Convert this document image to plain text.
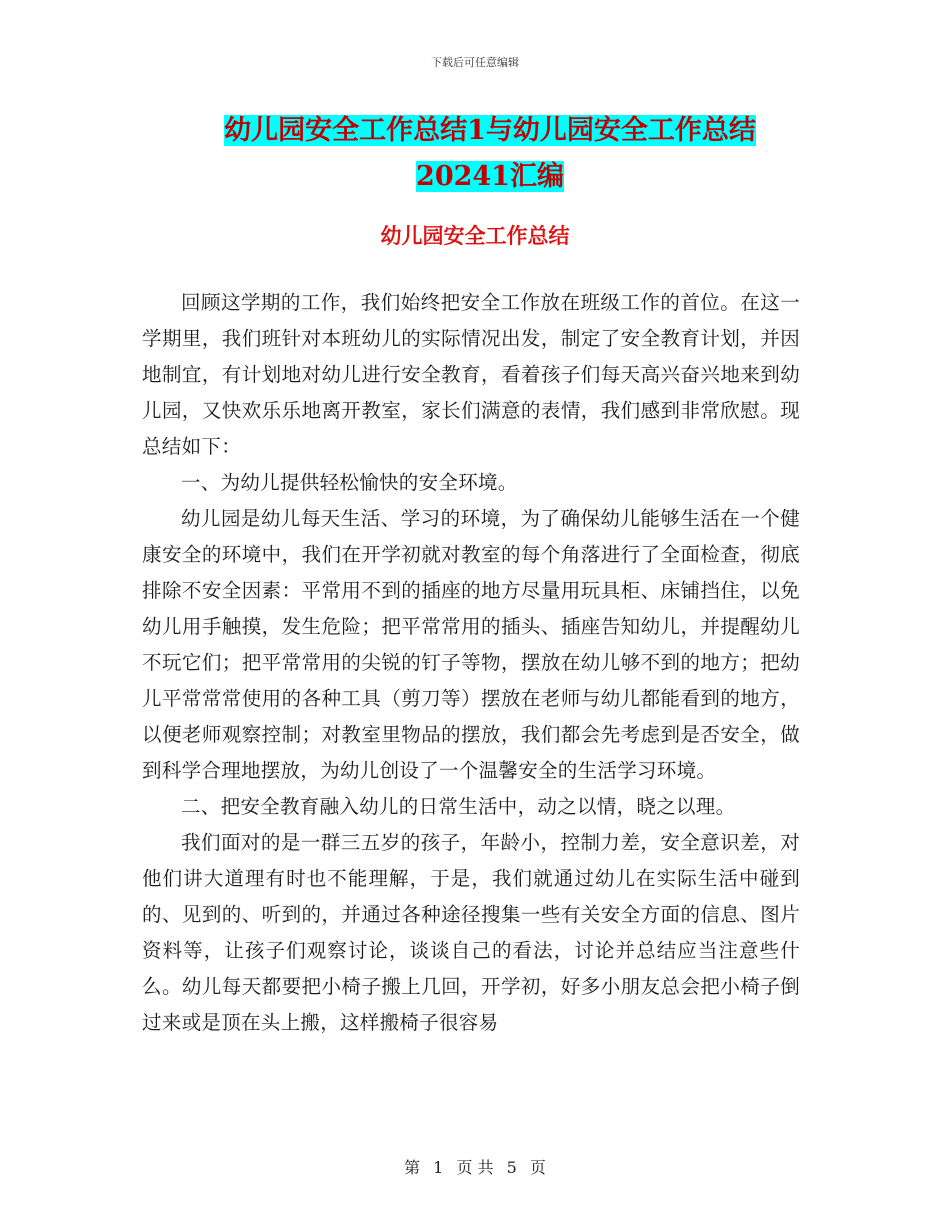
下载后可任意编辑
幼儿园安全工作总结1与幼儿园安全工作总结20241汇编
幼儿园安全工作总结

回顾这学期的工作，我们始终把安全工作放在班级工作的首位。在这一学期里，我们班针对本班幼儿的实际情况出发，制定了安全教育计划，并因地制宜，有计划地对幼儿进行安全教育，看着孩子们每天高兴奋兴地来到幼儿园，又快欢乐乐地离开教室，家长们满意的表情，我们感到非常欣慰。现总结如下：

一、为幼儿提供轻松愉快的安全环境。

幼儿园是幼儿每天生活、学习的环境，为了确保幼儿能够生活在一个健康安全的环境中，我们在开学初就对教室的每个角落进行了全面检查，彻底排除不安全因素：平常用不到的插座的地方尽量用玩具柜、床铺挡住，以免幼儿用手触摸，发生危险；把平常常用的插头、插座告知幼儿，并提醒幼儿不玩它们；把平常常用的尖锐的钉子等物，摆放在幼儿够不到的地方；把幼儿平常常常使用的各种工具（剪刀等）摆放在老师与幼儿都能看到的地方，以便老师观察控制；对教室里物品的摆放，我们都会先考虑到是否安全，做到科学合理地摆放，为幼儿创设了一个温馨安全的生活学习环境。

二、把安全教育融入幼儿的日常生活中，动之以情，晓之以理。

我们面对的是一群三五岁的孩子，年龄小，控制力差，安全意识差，对他们讲大道理有时也不能理解，于是，我们就通过幼儿在实际生活中碰到的、见到的、听到的，并通过各种途径搜集一些有关安全方面的信息、图片资料等，让孩子们观察讨论，谈谈自己的看法，讨论并总结应当注意些什么。幼儿每天都要把小椅子搬上几回，开学初，好多小朋友总会把小椅子倒过来或是顶在头上搬，这样搬椅子很容易

第 1 页 共 5 页
